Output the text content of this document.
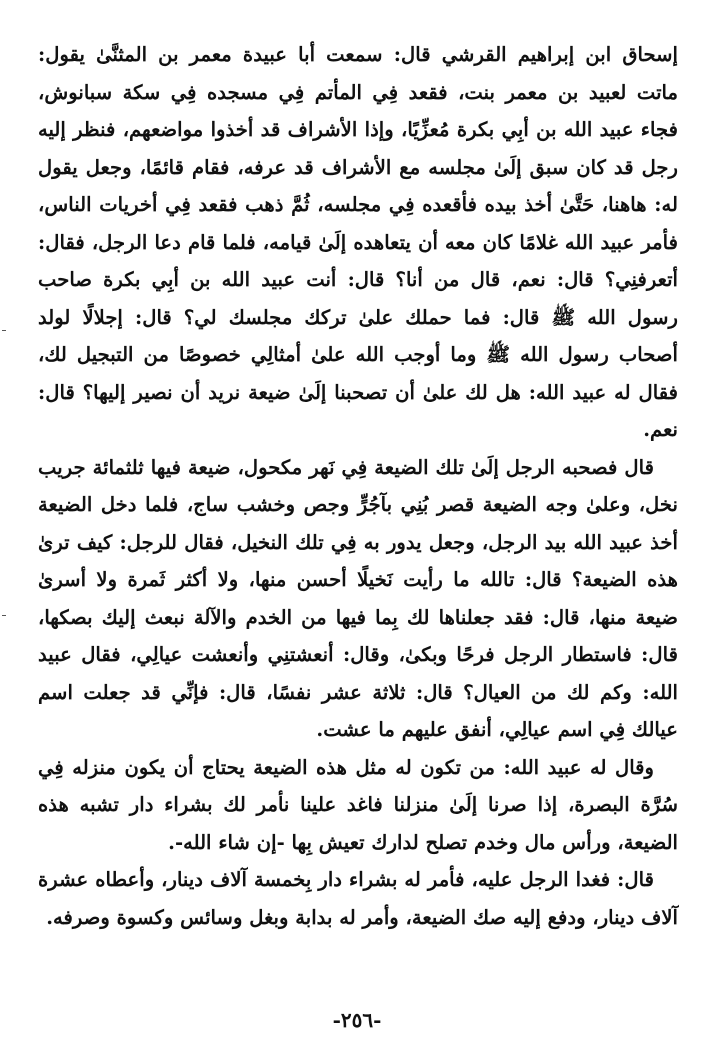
إسحاق ابن إبراهيم القرشي قال: سمعت أبا عبيدة معمر بن المثنَّىٰ يقول: ماتت لعبيد بن معمر بنت، فقعد فِي المأتم فِي مسجده فِي سكة سبانوش، فجاء عبيد الله بن أبِي بكرة مُعزِّيًا، وإذا الأشراف قد أخذوا مواضعهم، فنظر إليه رجل قد كان سبق إلَىٰ مجلسه مع الأشراف قد عرفه، فقام قائمًا، وجعل يقول له: هاهنا، حَتَّىٰ أخذ بيده فأقعده فِي مجلسه، ثُمَّ ذهب فقعد فِي أخريات الناس، فأمر عبيد الله غلامًا كان معه أن يتعاهده إلَىٰ قيامه، فلما قام دعا الرجل، فقال: أتعرفنِي؟ قال: نعم، قال من أنا؟ قال: أنت عبيد الله بن أبِي بكرة صاحب رسول الله ﷺ قال: فما حملك علىٰ تركك مجلسك لي؟ قال: إجلالًا لولد أصحاب رسول الله ﷺ وما أوجب الله علىٰ أمثالِي خصوصًا من التبجيل لك، فقال له عبيد الله: هل لك علىٰ أن تصحبنا إلَىٰ ضيعة نريد أن نصير إليها؟ قال: نعم.

قال فصحبه الرجل إلَىٰ تلك الضيعة فِي نَهر مكحول، ضيعة فيها ثلثمائة جريب نخل، وعلىٰ وجه الضيعة قصر بُنِي بآجُرٍّ وجص وخشب ساج، فلما دخل الضيعة أخذ عبيد الله بيد الرجل، وجعل يدور به فِي تلك النخيل، فقال للرجل: كيف ترىٰ هذه الضيعة؟ قال: تالله ما رأيت نَخيلًا أحسن منها، ولا أكثر ثَمرة ولا أسرىٰ ضيعة منها، قال: فقد جعلناها لك بِما فيها من الخدم والآلة نبعث إليك بصكها، قال: فاستطار الرجل فرحًا وبكىٰ، وقال: أنعشتنِي وأنعشت عيالِي، فقال عبيد الله: وكم لك من العيال؟ قال: ثلاثة عشر نفسًا، قال: فإنِّي قد جعلت اسم عيالك فِي اسم عيالِي، أنفق عليهم ما عشت.

وقال له عبيد الله: من تكون له مثل هذه الضيعة يحتاج أن يكون منزله فِي سُرَّة البصرة، إذا صرنا إلَىٰ منزلنا فاغد علينا نأمر لك بشراء دار تشبه هذه الضيعة، ورأس مال وخدم تصلح لدارك تعيش بِها -إن شاء الله-.

قال: فغدا الرجل عليه، فأمر له بشراء دار بِخمسة آلاف دينار، وأعطاه عشرة آلاف دينار، ودفع إليه صك الضيعة، وأمر له بدابة وبغل وسائس وكسوة وصرفه.

-٢٥٦-
